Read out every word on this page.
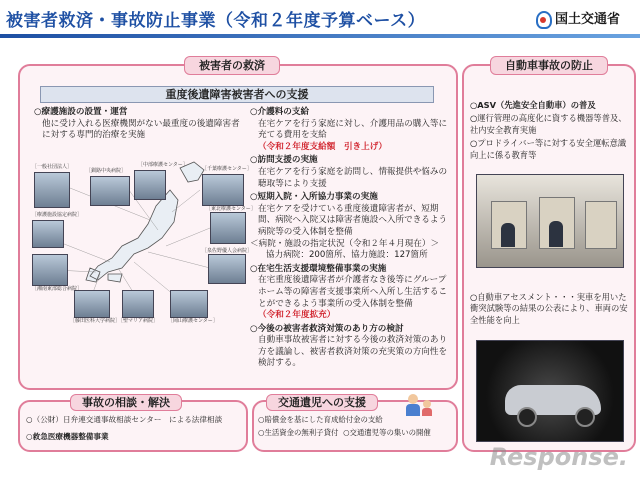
被害者救済・事故防止事業（令和２年度予算ベース）	国土交通省
被害者の救済
重度後遺障害被害者への支援
○療護施設の設置・運営
他に受け入れる医療機関がない最重度の後遺障害者に対する専門的治療を実施
［釧路中央病院］
［中部療護センター］
［千葉療護センター］
［東北療護センター］
［泉佐野優人会病院］
［岡山療護センター］
［聖マリア病院］
［藤田医科大学病院］
［湘南東部総合病院］
［療護施設協定病院］
［一般社団法人］
○介護料の支給
在宅ケアを行う家庭に対し、介護用品の購入等に充てる費用を支給
（令和２年度支給額　引き上げ）
○訪問支援の実施
在宅ケアを行う家庭を訪問し、情報提供や悩みの聴取等により支援
○短期入院・入所協力事業の実施
在宅ケアを受けている重度後遺障害者が、短期間、病院へ入院又は障害者施設へ入所できるよう病院等の受入体制を整備
＜病院・施設の指定状況（令和２年４月現在）＞
協力病院：200箇所、協力施設：127箇所
○在宅生活支援環境整備事業の実施
在宅重度後遺障害者が介護者なき後等にグループホーム等の障害者支援事業所へ入所し生活することができるよう事業所の受入体制を整備
（令和２年度拡充）
○今後の被害者救済対策のあり方の検討
自動車事故被害者に対する今後の救済対策のあり方を議論し、被害者救済対策の充実策の方向性を検討する。
事故の相談・解決
○（公財）日弁連交通事故相談センター　による法律相談
○救急医療機器整備事業
交通遺児への支援
○賠償金を基にした育成給付金の支給
○生活資金の無利子貸付 ○交通遺児等の集いの開催
自動車事故の防止
○ASV（先進安全自動車）の普及
○運行管理の高度化に資する機器等普及、社内安全教育実施
○プロドライバー等に対する安全運転意識向上に係る教育等
○自動車アセスメント・・・実車を用いた衝突試験等の結果の公表により、車両の安全性能を向上
Response.
